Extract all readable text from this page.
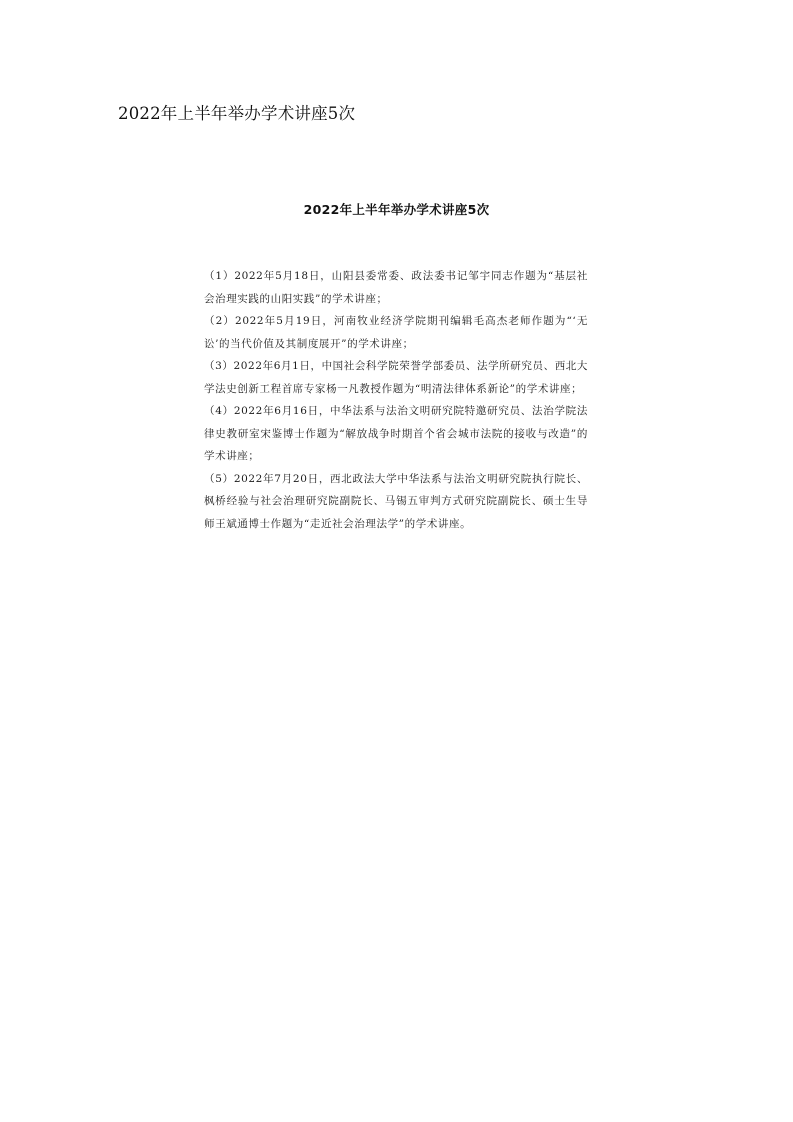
2022年上半年举办学术讲座5次
2022年上半年举办学术讲座5次

（1）2022年5月18日，山阳县委常委、政法委书记邹宇同志作题为“基层社会治理实践的山阳实践”的学术讲座；

（2）2022年5月19日，河南牧业经济学院期刊编辑毛高杰老师作题为“‘无讼’的当代价值及其制度展开”的学术讲座；

（3）2022年6月1日，中国社会科学院荣誉学部委员、法学所研究员、西北大学法史创新工程首席专家杨一凡教授作题为“明清法律体系新论”的学术讲座；

（4）2022年6月16日，中华法系与法治文明研究院特邀研究员、法治学院法律史教研室宋鉴博士作题为“解放战争时期首个省会城市法院的接收与改造”的学术讲座；

（5）2022年7月20日，西北政法大学中华法系与法治文明研究院执行院长、枫桥经验与社会治理研究院副院长、马锡五审判方式研究院副院长、硕士生导师王斌通博士作题为“走近社会治理法学”的学术讲座。
